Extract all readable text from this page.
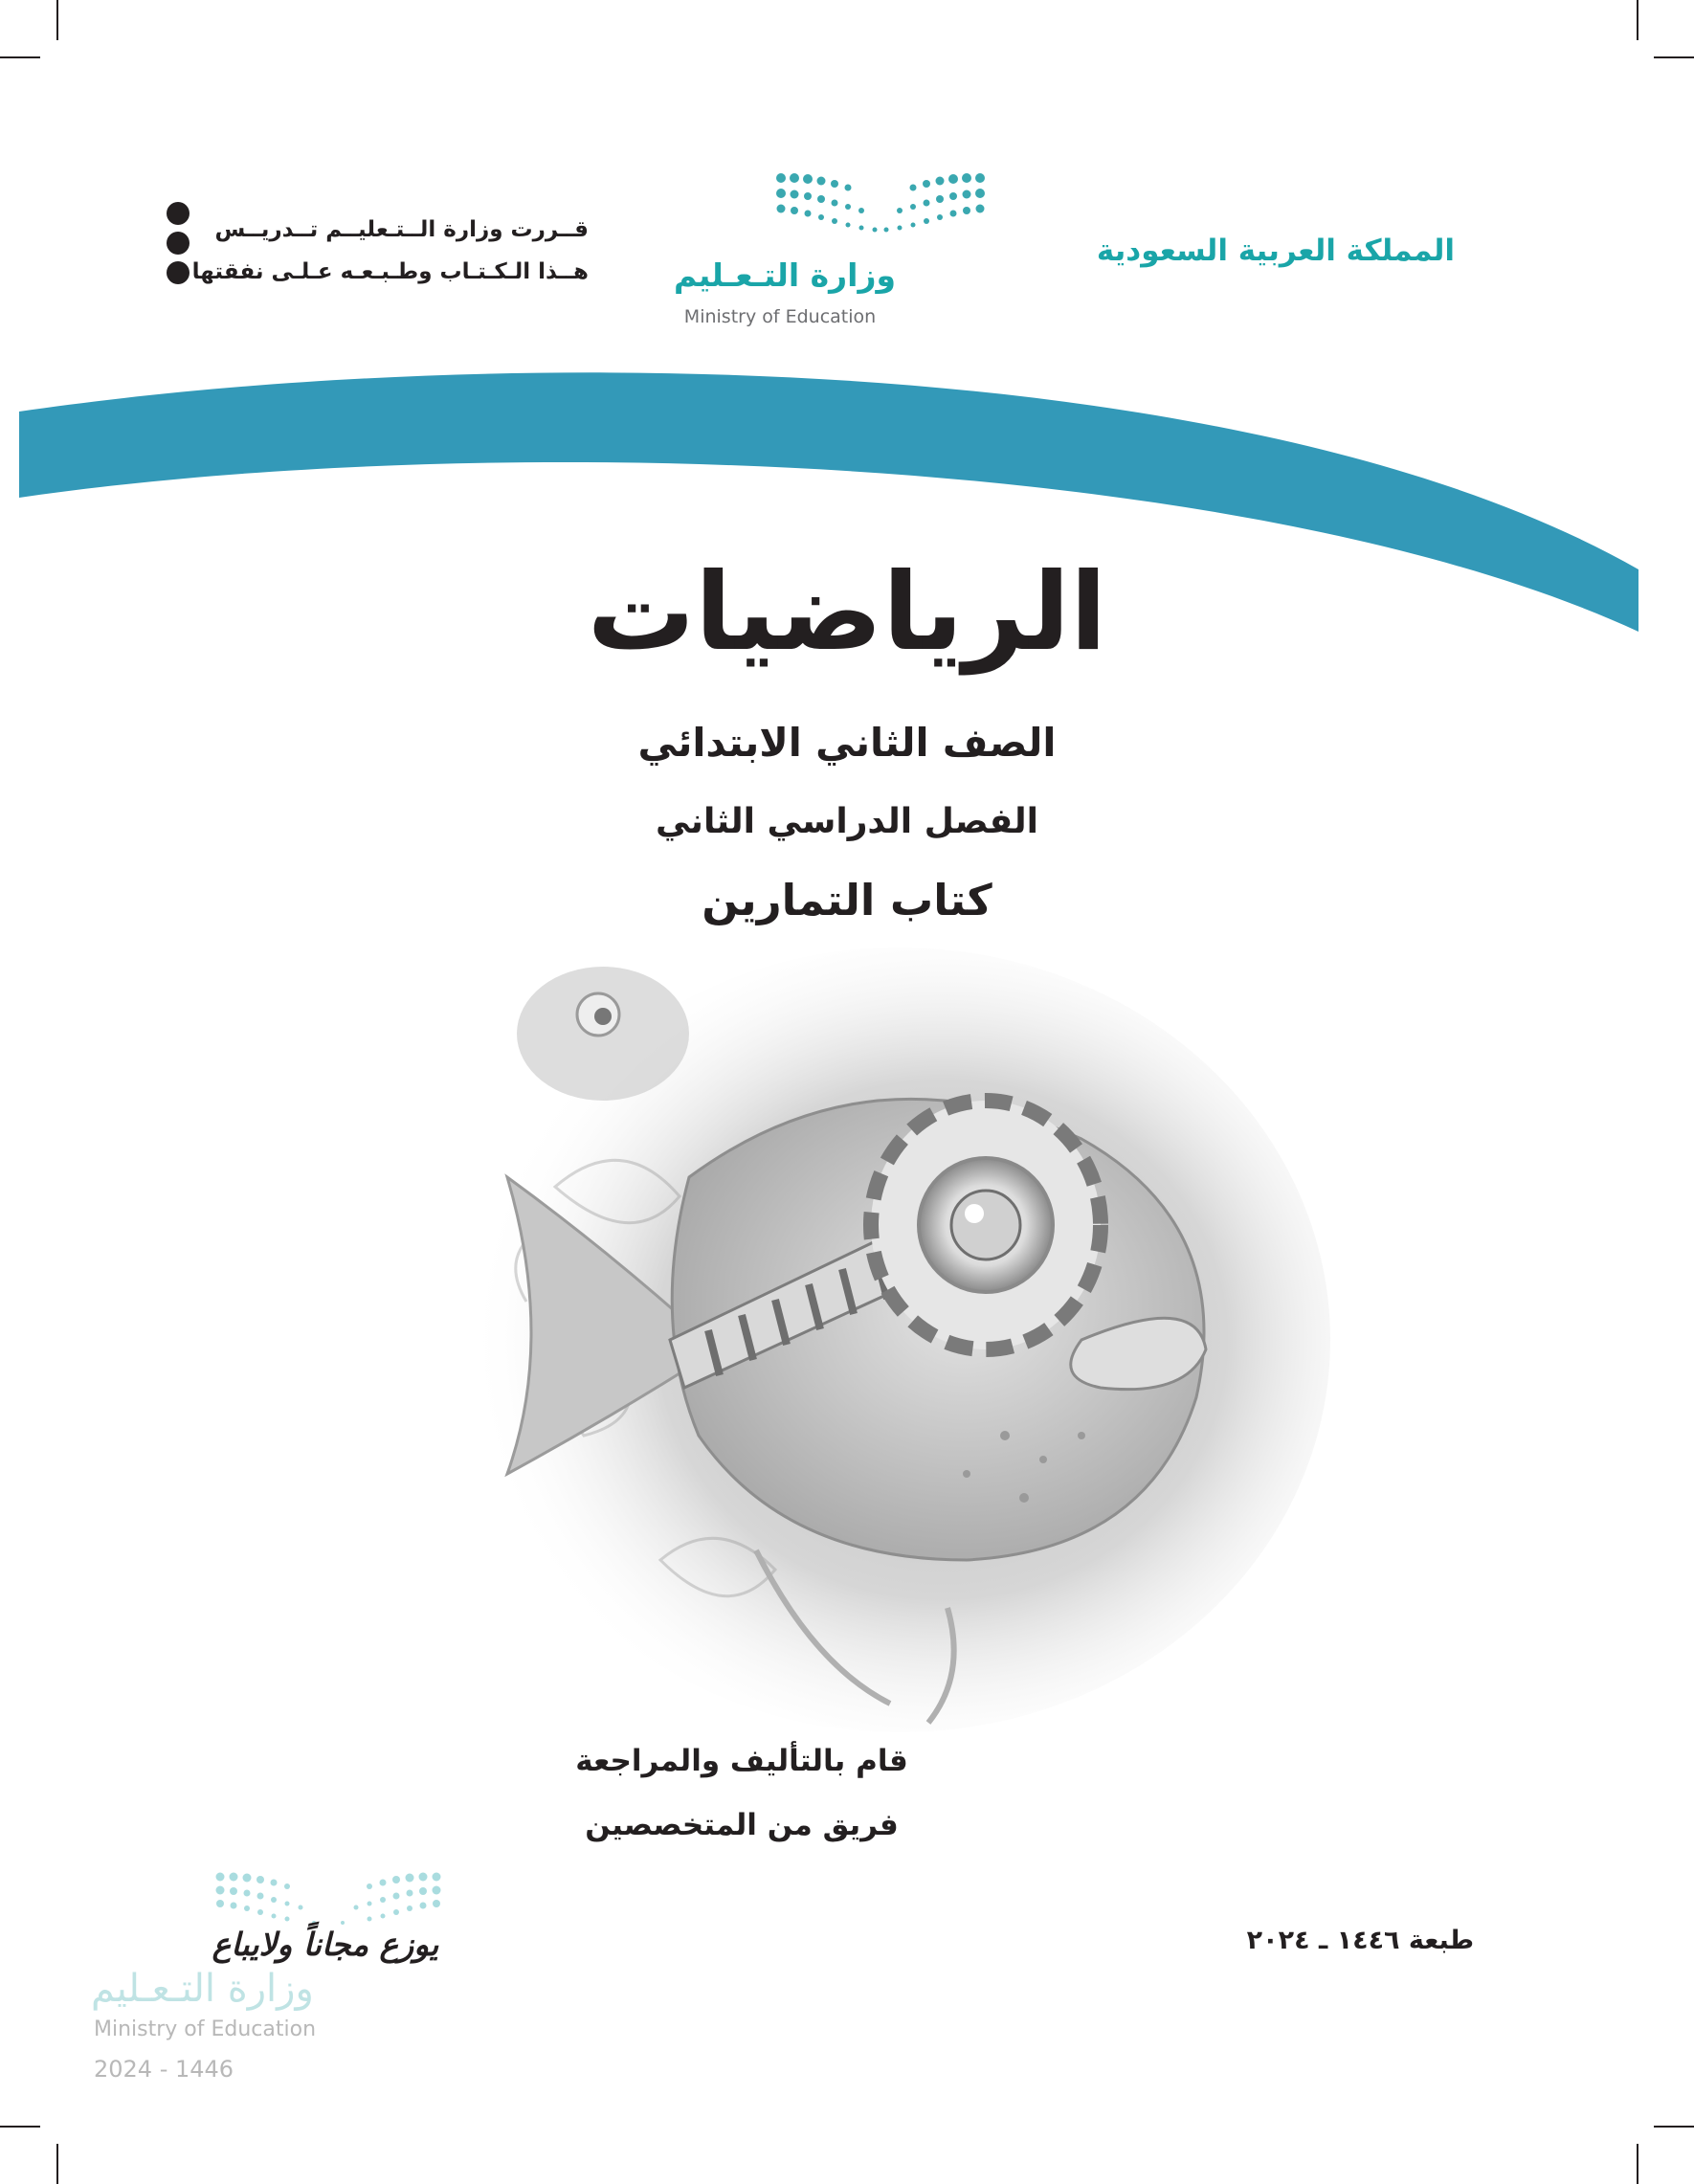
المملكة العربية السعودية
قــررت وزارة الــتـعليــم تــدريــس
هــذا الـكـتـاب وطـبـعـه عـلـى نفقتها	وزارة التـعـليم
Ministry of Education
الرياضيات
الصف الثاني الابتدائي
الفصل الدراسي الثاني
كتاب التمارين
قام بالتأليف والمراجعة
فريق من المتخصصين
طبعة ١٤٤٦ ـ ٢٠٢٤
يوزع مجاناً ولايباع
وزارة التـعـليم
Ministry of Education
2024 - 1446
